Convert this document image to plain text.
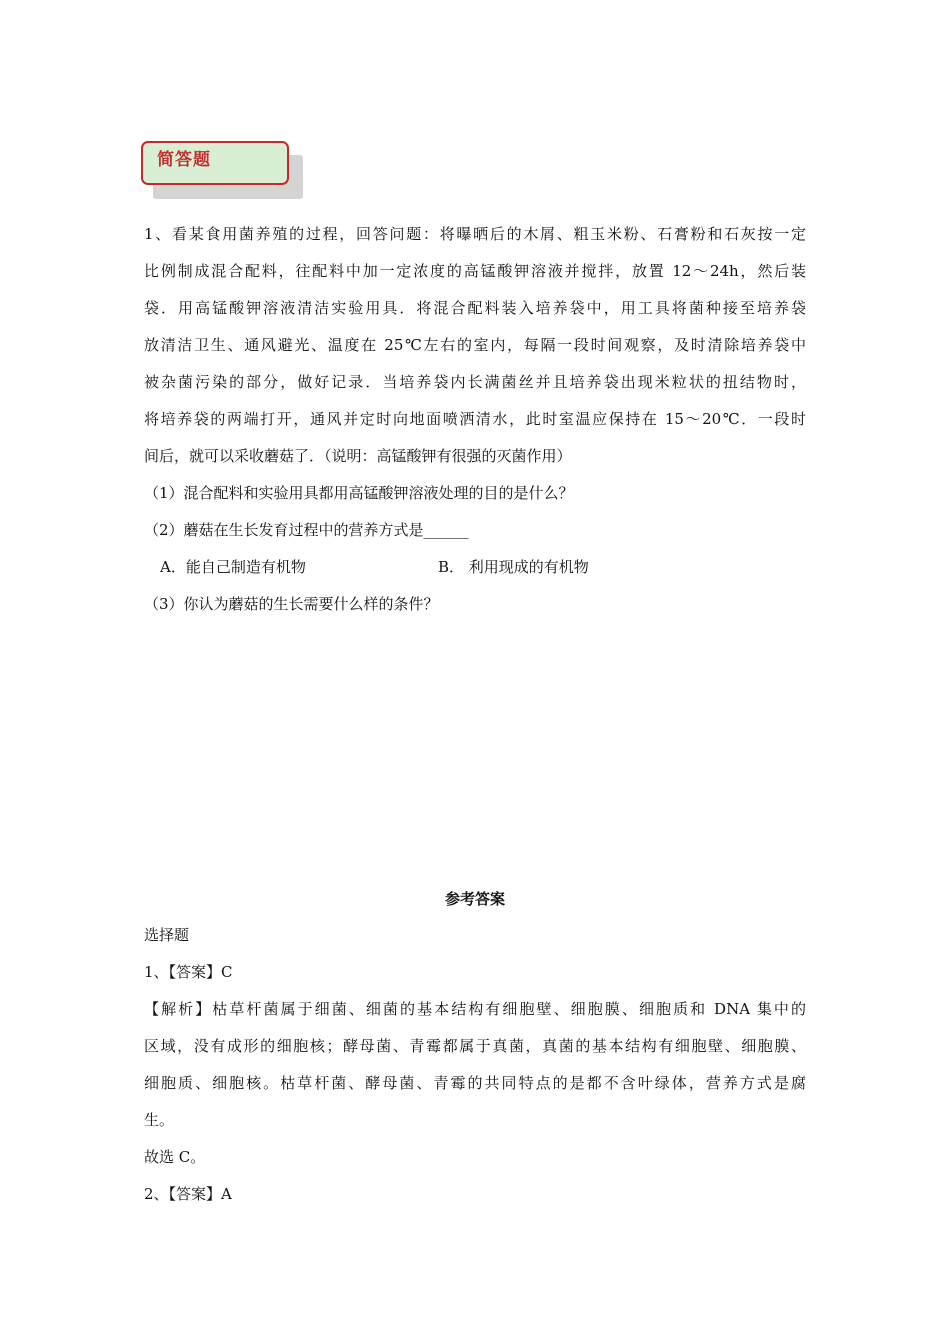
简答题
1、看某食用菌养殖的过程，回答问题：将曝晒后的木屑、粗玉米粉、石膏粉和石灰按一定
比例制成混合配料，往配料中加一定浓度的高锰酸钾溶液并搅拌，放置 12～24h，然后装
袋．用高锰酸钾溶液清洁实验用具．将混合配料装入培养袋中，用工具将菌种接至培养袋
放清洁卫生、通风避光、温度在 25℃左右的室内，每隔一段时间观察，及时清除培养袋中
被杂菌污染的部分，做好记录．当培养袋内长满菌丝并且培养袋出现米粒状的扭结物时，
将培养袋的两端打开，通风并定时向地面喷洒清水，此时室温应保持在 15～20℃．一段时
间后，就可以采收蘑菇了．（说明：高锰酸钾有很强的灭菌作用）
（1）混合配料和实验用具都用高锰酸钾溶液处理的目的是什么？
（2）蘑菇在生长发育过程中的营养方式是______
A．能自己制造有机物	B． 利用现成的有机物
（3）你认为蘑菇的生长需要什么样的条件？
参考答案
选择题
1、【答案】C
【解析】枯草杆菌属于细菌、细菌的基本结构有细胞壁、细胞膜、细胞质和 DNA 集中的
区域，没有成形的细胞核；酵母菌、青霉都属于真菌，真菌的基本结构有细胞壁、细胞膜、
细胞质、细胞核。枯草杆菌、酵母菌、青霉的共同特点的是都不含叶绿体，营养方式是腐
生。
故选 C。
2、【答案】A
